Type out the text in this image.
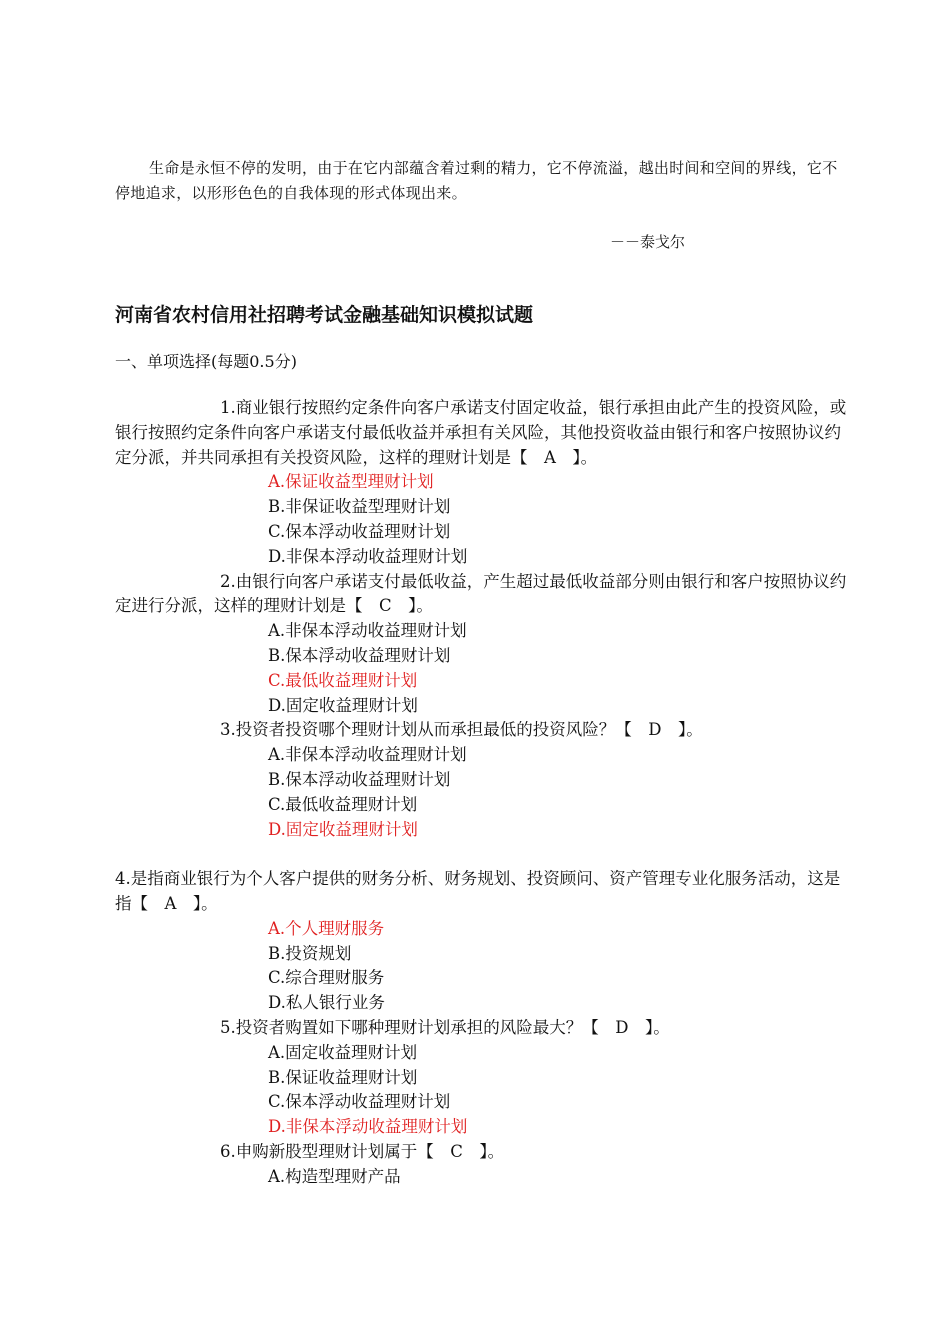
生命是永恒不停的发明，由于在它内部蕴含着过剩的精力，它不停流溢，越出时间和空间的界线，它不停地追求，以形形色色的自我体现的形式体现出来。
－－泰戈尔
河南省农村信用社招聘考试金融基础知识模拟试题
一、单项选择(每题0.5分)

1.商业银行按照约定条件向客户承诺支付固定收益，银行承担由此产生的投资风险，或银行按照约定条件向客户承诺支付最低收益并承担有关风险，其他投资收益由银行和客户按照协议约定分派，并共同承担有关投资风险，这样的理财计划是【　A　】。

A.保证收益型理财计划

B.非保证收益型理财计划

C.保本浮动收益理财计划

D.非保本浮动收益理财计划

2.由银行向客户承诺支付最低收益，产生超过最低收益部分则由银行和客户按照协议约定进行分派，这样的理财计划是【　C　】。

A.非保本浮动收益理财计划

B.保本浮动收益理财计划

C.最低收益理财计划

D.固定收益理财计划

3.投资者投资哪个理财计划从而承担最低的投资风险？【　D　】。

A.非保本浮动收益理财计划

B.保本浮动收益理财计划

C.最低收益理财计划

D.固定收益理财计划

4.是指商业银行为个人客户提供的财务分析、财务规划、投资顾问、资产管理专业化服务活动，这是指【　A　】。

A.个人理财服务

B.投资规划

C.综合理财服务

D.私人银行业务

5.投资者购置如下哪种理财计划承担的风险最大？【　D　】。

A.固定收益理财计划

B.保证收益理财计划

C.保本浮动收益理财计划

D.非保本浮动收益理财计划

6.申购新股型理财计划属于【　C　】。

A.构造型理财产品
